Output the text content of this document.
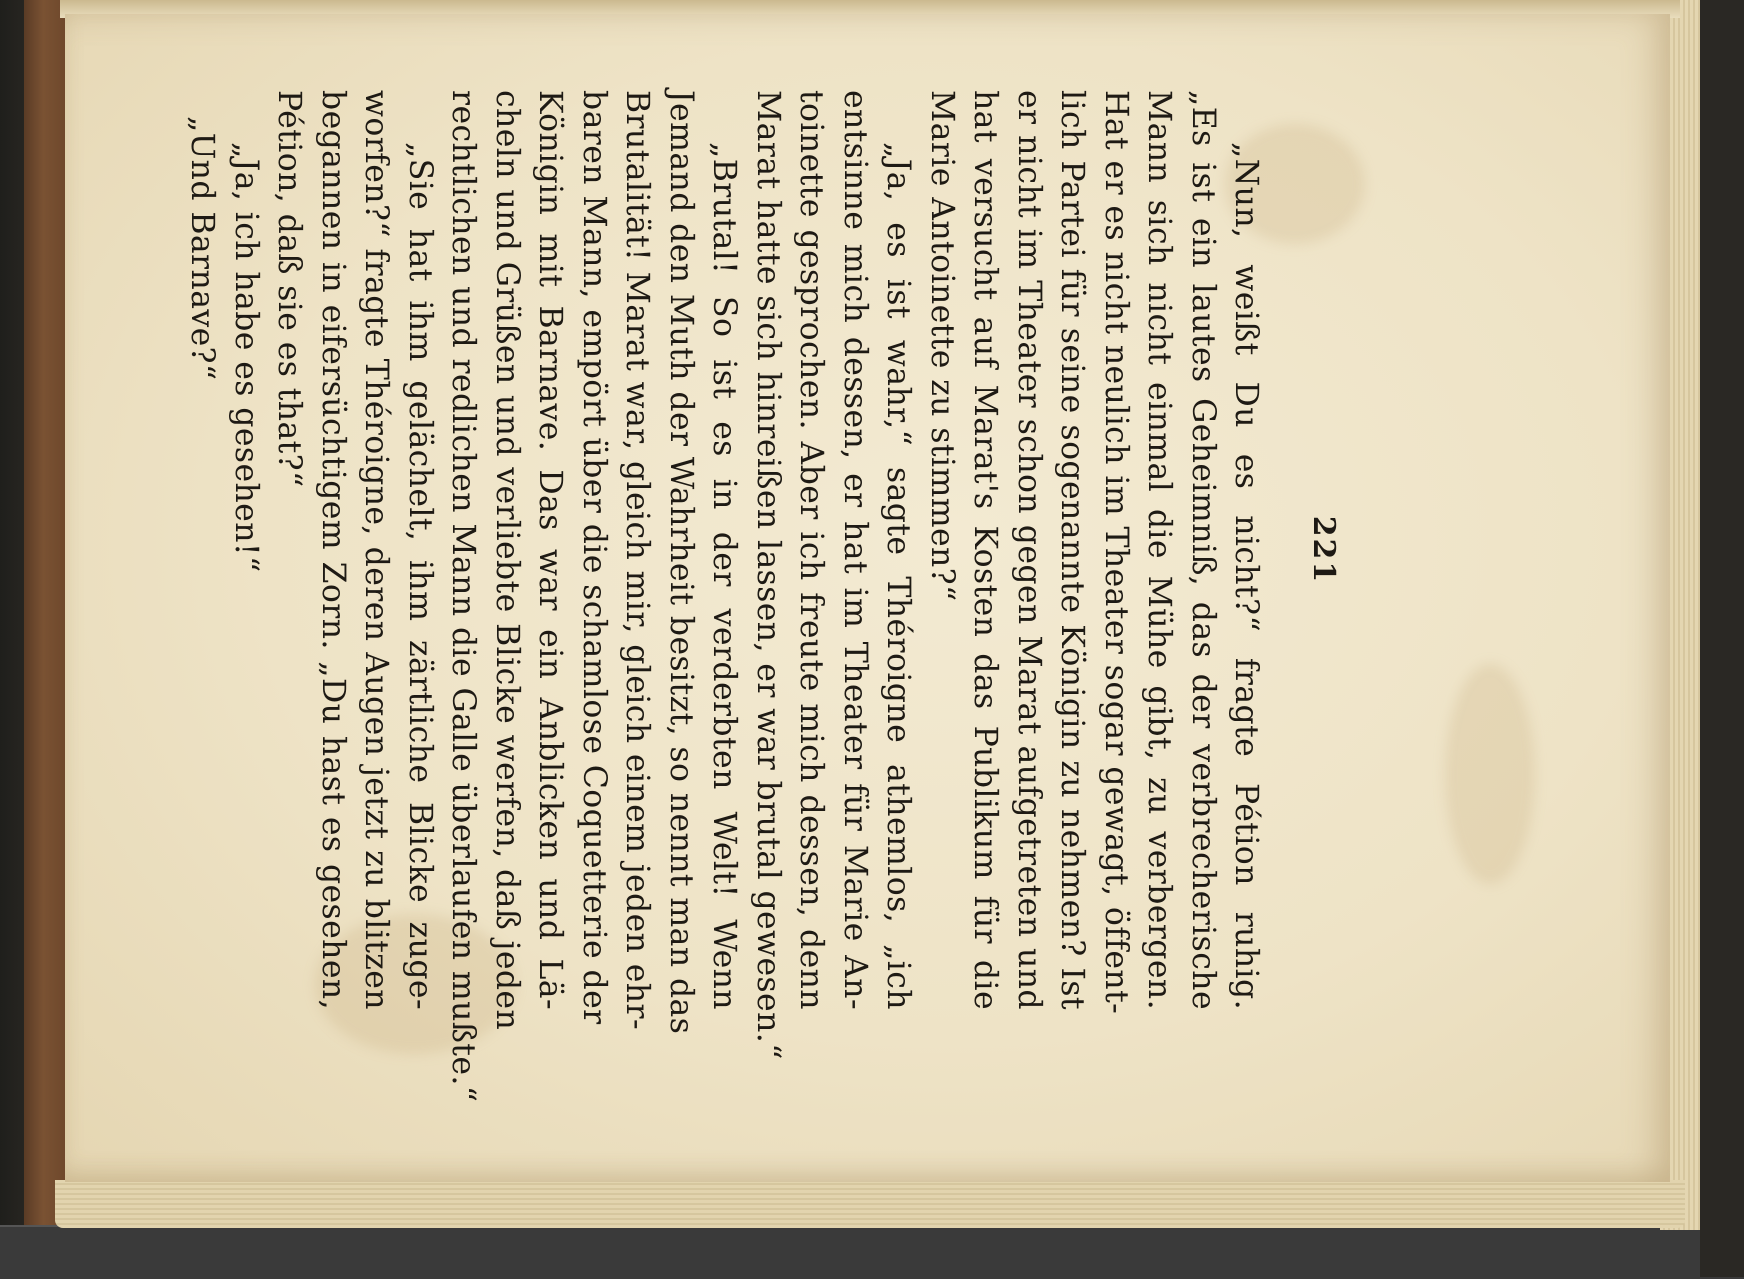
221
„Nun, weißt Du es nicht?“ fragte Pétion ruhig.
„Es ist ein lautes Geheimniß, das der verbrecherische
Mann sich nicht einmal die Mühe gibt, zu verbergen.
Hat er es nicht neulich im Theater sogar gewagt, öffent-
lich Partei für seine sogenannte Königin zu nehmen? Ist
er nicht im Theater schon gegen Marat aufgetreten und
hat versucht auf Marat's Kosten das Publikum für die
Marie Antoinette zu stimmen?“
„Ja, es ist wahr,“ sagte Théroigne athemlos, „ich
entsinne mich dessen, er hat im Theater für Marie An-
toinette gesprochen. Aber ich freute mich dessen, denn
Marat hatte sich hinreißen lassen, er war brutal gewesen.“
„Brutal! So ist es in der verderbten Welt! Wenn
Jemand den Muth der Wahrheit besitzt, so nennt man das
Brutalität! Marat war, gleich mir, gleich einem jeden ehr-
baren Mann, empört über die schamlose Coquetterie der
Königin mit Barnave. Das war ein Anblicken und Lä-
cheln und Grüßen und verliebte Blicke werfen, daß jeden
rechtlichen und redlichen Mann die Galle überlaufen mußte.“
„Sie hat ihm gelächelt, ihm zärtliche Blicke zuge-
worfen?“ fragte Théroigne, deren Augen jetzt zu blitzen
begannen in eifersüchtigem Zorn. „Du hast es gesehen,
Pétion, daß sie es that?“
„Ja, ich habe es gesehen!“
„Und Barnave?“
